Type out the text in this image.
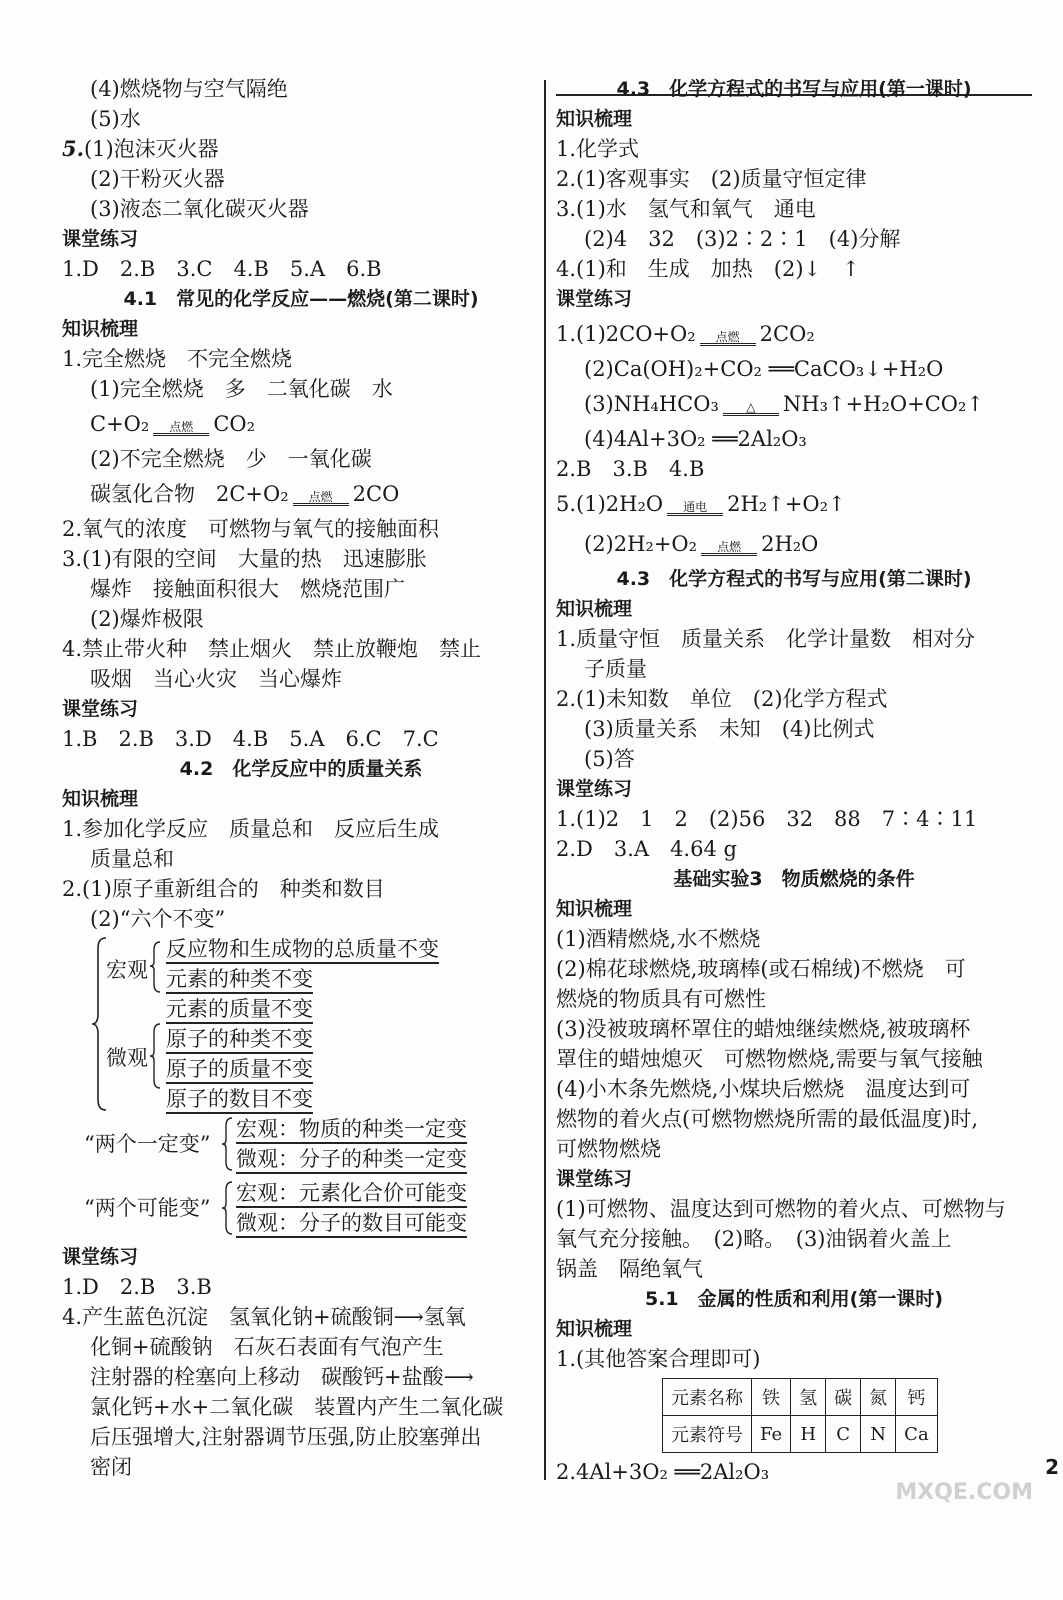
(4)燃烧物与空气隔绝
(5)水
5.(1)泡沫灭火器
(2)干粉灭火器
(3)液态二氧化碳灭火器
课堂练习
1.D　2.B　3.C　4.B　5.A　6.B
4.1　常见的化学反应——燃烧(第二课时)
知识梳理
1.完全燃烧　不完全燃烧
(1)完全燃烧　多　二氧化碳　水
C+O₂ 点燃 CO₂
(2)不完全燃烧　少　一氧化碳
碳氢化合物　2C+O₂ 点燃 2CO
2.氧气的浓度　可燃物与氧气的接触面积
3.(1)有限的空间　大量的热　迅速膨胀
爆炸　接触面积很大　燃烧范围广
(2)爆炸极限
4.禁止带火种　禁止烟火　禁止放鞭炮　禁止
吸烟　当心火灾　当心爆炸
课堂练习
1.B　2.B　3.D　4.B　5.A　6.C　7.C
4.2　化学反应中的质量关系
知识梳理
1.参加化学反应　质量总和　反应后生成
质量总和
2.(1)原子重新组合的　种类和数目
(2)“六个不变”
宏观
微观
反应物和生成物的总质量不变
元素的种类不变
元素的质量不变
原子的种类不变
原子的质量不变
原子的数目不变
“两个一定变”
宏观：物质的种类一定变
微观：分子的种类一定变
“两个可能变”
宏观：元素化合价可能变
微观：分子的数目可能变
课堂练习
1.D　2.B　3.B
4.产生蓝色沉淀　氢氧化钠+硫酸铜⟶氢氧
化铜+硫酸钠　石灰石表面有气泡产生
注射器的栓塞向上移动　碳酸钙+盐酸⟶
氯化钙+水+二氧化碳　装置内产生二氧化碳
后压强增大,注射器调节压强,防止胶塞弹出
密闭
4.3　化学方程式的书写与应用(第一课时)
知识梳理
1.化学式
2.(1)客观事实　(2)质量守恒定律
3.(1)水　氢气和氧气　通电
(2)4　32　(3)2∶2∶1　(4)分解
4.(1)和　生成　加热　(2)↓　↑
课堂练习
1.(1)2CO+O₂ 点燃 2CO₂
(2)Ca(OH)₂+CO₂ ══CaCO₃↓+H₂O
(3)NH₄HCO₃ △ NH₃↑+H₂O+CO₂↑
(4)4Al+3O₂ ══2Al₂O₃
2.B　3.B　4.B
5.(1)2H₂O 通电 2H₂↑+O₂↑
(2)2H₂+O₂ 点燃 2H₂O
4.3　化学方程式的书写与应用(第二课时)
知识梳理
1.质量守恒　质量关系　化学计量数　相对分
子质量
2.(1)未知数　单位　(2)化学方程式
(3)质量关系　未知　(4)比例式
(5)答
课堂练习
1.(1)2　1　2　(2)56　32　88　7∶4∶11
2.D　3.A　4.64 g
基础实验3　物质燃烧的条件
知识梳理
(1)酒精燃烧,水不燃烧
(2)棉花球燃烧,玻璃棒(或石棉绒)不燃烧　可
燃烧的物质具有可燃性
(3)没被玻璃杯罩住的蜡烛继续燃烧,被玻璃杯
罩住的蜡烛熄灭　可燃物燃烧,需要与氧气接触
(4)小木条先燃烧,小煤块后燃烧　温度达到可
燃物的着火点(可燃物燃烧所需的最低温度)时,
可燃物燃烧
课堂练习
(1)可燃物、温度达到可燃物的着火点、可燃物与
氧气充分接触。　(2)略。　(3)油锅着火盖上
锅盖　隔绝氧气
5.1　金属的性质和利用(第一课时)
知识梳理
1.(其他答案合理即可)
元素名称	铁	氢	碳	氮	钙
元素符号	Fe	H	C	N	Ca
2.4Al+3O₂ ══2Al₂O₃	2
MXQE.COM
